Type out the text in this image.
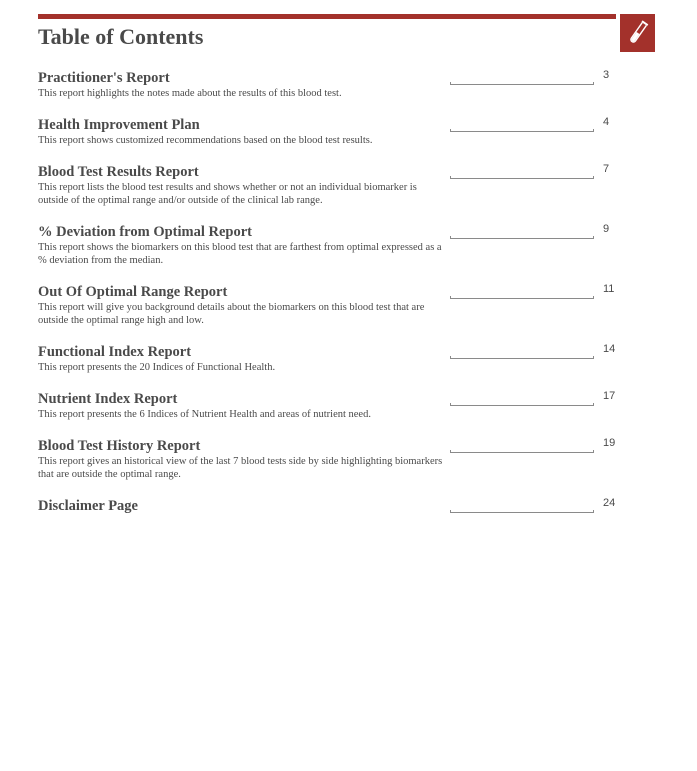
Table of Contents
Practitioner's Report
This report highlights the notes made about the results of this blood test.
3
Health Improvement Plan
This report shows customized recommendations based on the blood test results.
4
Blood Test Results Report
This report lists the blood test results and shows whether or not an individual biomarker is outside of the optimal range and/or outside of the clinical lab range.
7
% Deviation from Optimal Report
This report shows the biomarkers on this blood test that are farthest from optimal expressed as a % deviation from the median.
9
Out Of Optimal Range Report
This report will give you background details about the biomarkers on this blood test that are outside the optimal range high and low.
11
Functional Index Report
This report presents the 20 Indices of Functional Health.
14
Nutrient Index Report
This report presents the 6 Indices of Nutrient Health and areas of nutrient need.
17
Blood Test History Report
This report gives an historical view of the last 7 blood tests side by side highlighting biomarkers that are outside the optimal range.
19
Disclaimer Page	24
